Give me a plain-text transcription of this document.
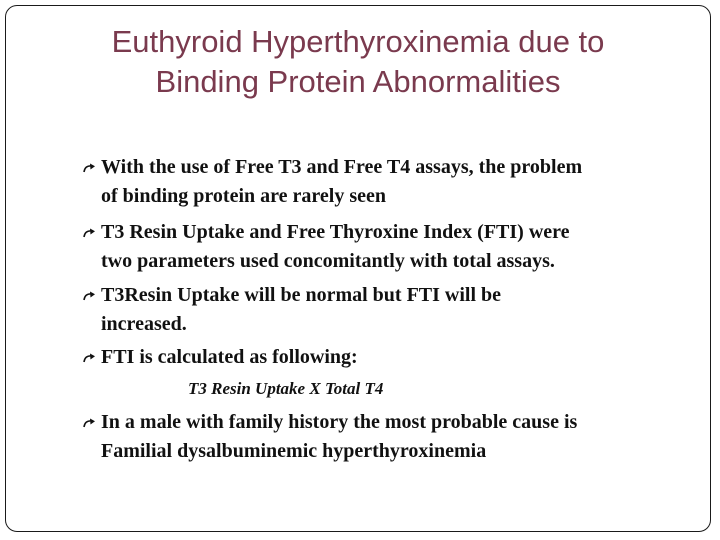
Euthyroid Hyperthyroxinemia due to
Binding Protein Abnormalities
With the use of Free T3 and Free T4 assays, the problem
of binding protein are rarely seen
T3 Resin Uptake and Free Thyroxine Index (FTI) were
two parameters used concomitantly with total assays.
T3Resin Uptake will be normal but FTI will be
increased.
FTI is calculated as following:
T3 Resin Uptake X Total T4
In a male with family history the most probable cause is
Familial dysalbuminemic hyperthyroxinemia
